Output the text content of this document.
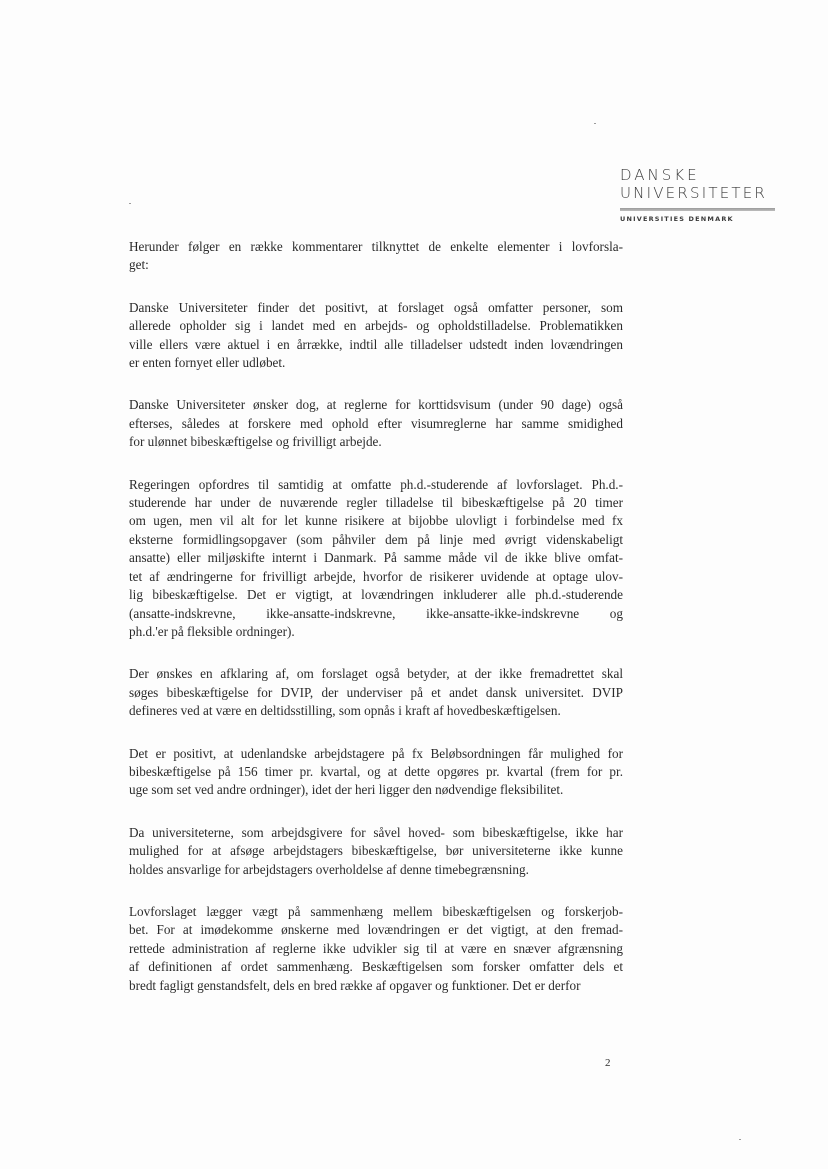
DANSKE
UNIVERSITETER
UNIVERSITIES DENMARK

Herunder følger en række kommentarer tilknyttet de enkelte elementer i lovforsla-
get:

Danske Universiteter finder det positivt, at forslaget også omfatter personer, som
allerede opholder sig i landet med en arbejds- og opholdstilladelse. Problematikken
ville ellers være aktuel i en årrække, indtil alle tilladelser udstedt inden lovændringen
er enten fornyet eller udløbet.

Danske Universiteter ønsker dog, at reglerne for korttidsvisum (under 90 dage) også
efterses, således at forskere med ophold efter visumreglerne har samme smidighed
for ulønnet bibeskæftigelse og frivilligt arbejde.

Regeringen opfordres til samtidig at omfatte ph.d.-studerende af lovforslaget. Ph.d.-
studerende har under de nuværende regler tilladelse til bibeskæftigelse på 20 timer
om ugen, men vil alt for let kunne risikere at bijobbe ulovligt i forbindelse med fx
eksterne formidlingsopgaver (som påhviler dem på linje med øvrigt videnskabeligt
ansatte) eller miljøskifte internt i Danmark. På samme måde vil de ikke blive omfat-
tet af ændringerne for frivilligt arbejde, hvorfor de risikerer uvidende at optage ulov-
lig bibeskæftigelse. Det er vigtigt, at lovændringen inkluderer alle ph.d.-studerende
(ansatte-indskrevne, ikke-ansatte-indskrevne, ikke-ansatte-ikke-indskrevne og
ph.d.'er på fleksible ordninger).

Der ønskes en afklaring af, om forslaget også betyder, at der ikke fremadrettet skal
søges bibeskæftigelse for DVIP, der underviser på et andet dansk universitet. DVIP
defineres ved at være en deltidsstilling, som opnås i kraft af hovedbeskæftigelsen.

Det er positivt, at udenlandske arbejdstagere på fx Beløbsordningen får mulighed for
bibeskæftigelse på 156 timer pr. kvartal, og at dette opgøres pr. kvartal (frem for pr.
uge som set ved andre ordninger), idet der heri ligger den nødvendige fleksibilitet.

Da universiteterne, som arbejdsgivere for såvel hoved- som bibeskæftigelse, ikke har
mulighed for at afsøge arbejdstagers bibeskæftigelse, bør universiteterne ikke kunne
holdes ansvarlige for arbejdstagers overholdelse af denne timebegrænsning.

Lovforslaget lægger vægt på sammenhæng mellem bibeskæftigelsen og forskerjob-
bet. For at imødekomme ønskerne med lovændringen er det vigtigt, at den fremad-
rettede administration af reglerne ikke udvikler sig til at være en snæver afgrænsning
af definitionen af ordet sammenhæng. Beskæftigelsen som forsker omfatter dels et
bredt fagligt genstandsfelt, dels en bred række af opgaver og funktioner. Det er derfor

2
